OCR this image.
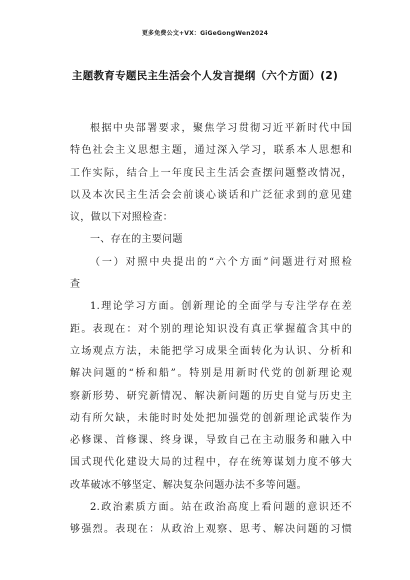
更多免费公文+VX：GiGeGongWen2024
主题教育专题民主生活会个人发言提纲（六个方面）(2)
根据中央部署要求，聚焦学习贯彻习近平新时代中国
特色社会主义思想主题，通过深入学习，联系本人思想和
工作实际，结合上一年度民主生活会查摆问题整改情况，
以及本次民主生活会会前谈心谈话和广泛征求到的意见建
议，做以下对照检查：
一、存在的主要问题
（一）对照中央提出的“六个方面”问题进行对照检
查
1.理论学习方面。创新理论的全面学与专注学存在差
距。表现在：对个别的理论知识没有真正掌握蕴含其中的
立场观点方法，未能把学习成果全面转化为认识、分析和
解决问题的“桥和船”。特别是用新时代党的创新理论观
察新形势、研究新情况、解决新问题的历史自觉与历史主
动有所欠缺，未能时时处处把加强党的创新理论武装作为
必修课、首修课、终身课，导致自己在主动服务和融入中
国式现代化建设大局的过程中，存在统筹谋划力度不够大
改革破冰不够坚定、解决复杂问题办法不多等问题。
2.政治素质方面。站在政治高度上看问题的意识还不
够强烈。表现在：从政治上观察、思考、解决问题的习惯
